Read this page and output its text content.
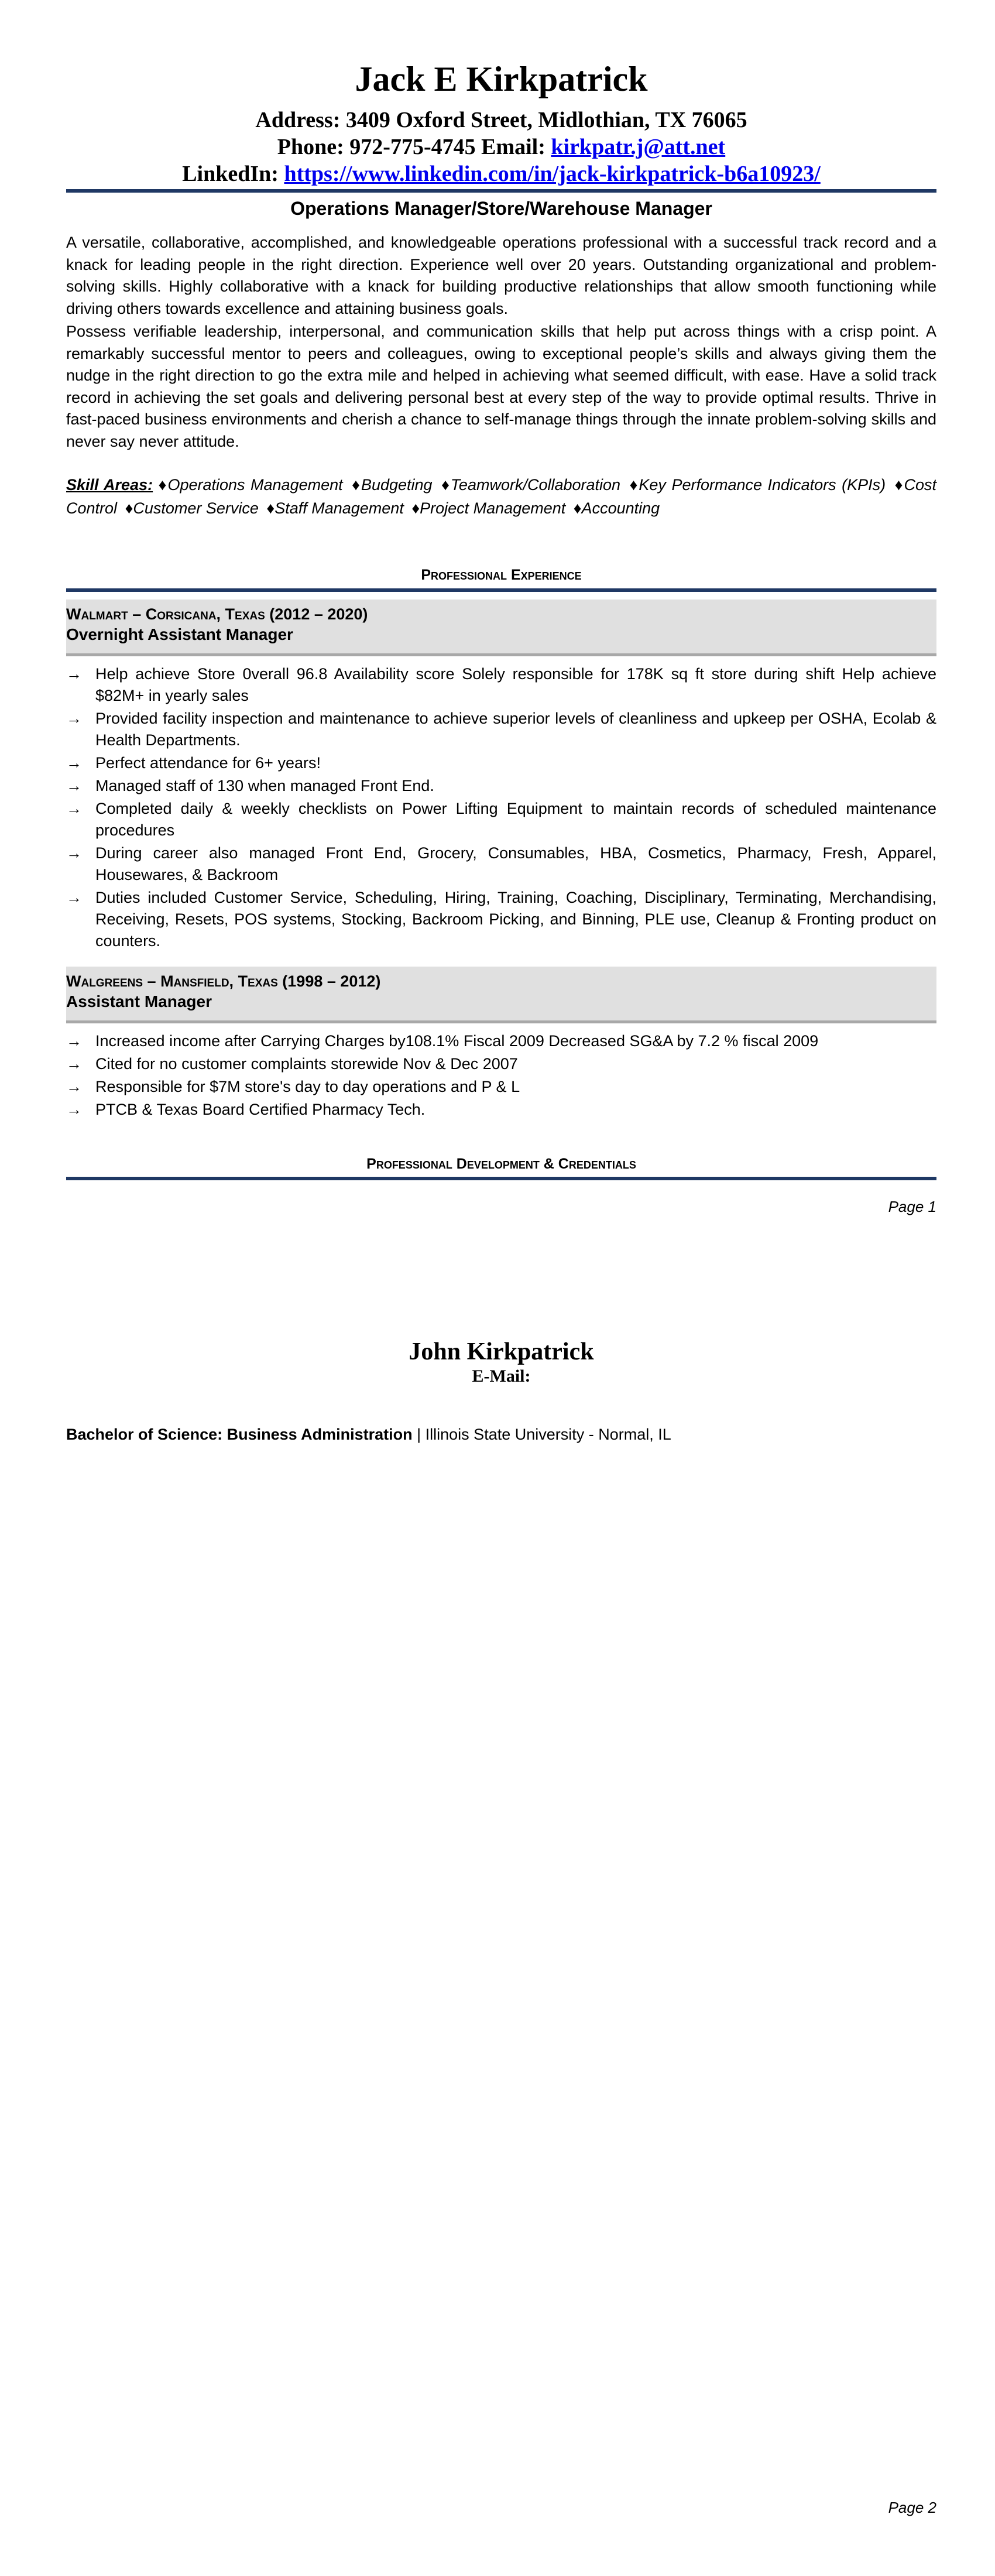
Jack E Kirkpatrick
Address: 3409 Oxford Street, Midlothian, TX 76065
Phone: 972-775-4745 Email: kirkpatr.j@att.net
LinkedIn: https://www.linkedin.com/in/jack-kirkpatrick-b6a10923/
Operations Manager/Store/Warehouse Manager
A versatile, collaborative, accomplished, and knowledgeable operations professional with a successful track record and a knack for leading people in the right direction. Experience well over 20 years. Outstanding organizational and problem-solving skills. Highly collaborative with a knack for building productive relationships that allow smooth functioning while driving others towards excellence and attaining business goals.
Possess verifiable leadership, interpersonal, and communication skills that help put across things with a crisp point. A remarkably successful mentor to peers and colleagues, owing to exceptional people’s skills and always giving them the nudge in the right direction to go the extra mile and helped in achieving what seemed difficult, with ease. Have a solid track record in achieving the set goals and delivering personal best at every step of the way to provide optimal results. Thrive in fast-paced business environments and cherish a chance to self-manage things through the innate problem-solving skills and never say never attitude.
Skill Areas: ♦Operations Management ♦Budgeting ♦Teamwork/Collaboration ♦Key Performance Indicators (KPIs) ♦Cost Control ♦Customer Service ♦Staff Management ♦Project Management ♦Accounting
Professional Experience
Walmart – Corsicana, Texas (2012 – 2020)
Overnight Assistant Manager
→ Help achieve Store 0verall 96.8 Availability score Solely responsible for 178K sq ft store during shift Help achieve $82M+ in yearly sales
→ Provided facility inspection and maintenance to achieve superior levels of cleanliness and upkeep per OSHA, Ecolab & Health Departments.
→ Perfect attendance for 6+ years!
→ Managed staff of 130 when managed Front End.
→ Completed daily & weekly checklists on Power Lifting Equipment to maintain records of scheduled maintenance procedures
→ During career also managed Front End, Grocery, Consumables, HBA, Cosmetics, Pharmacy, Fresh, Apparel, Housewares, & Backroom
→ Duties included Customer Service, Scheduling, Hiring, Training, Coaching, Disciplinary, Terminating, Merchandising, Receiving, Resets, POS systems, Stocking, Backroom Picking, and Binning, PLE use, Cleanup & Fronting product on counters.
Walgreens – Mansfield, Texas (1998 – 2012)
Assistant Manager
→ Increased income after Carrying Charges by108.1% Fiscal 2009 Decreased SG&A by 7.2 % fiscal 2009
→ Cited for no customer complaints storewide Nov & Dec 2007
→ Responsible for $7M store's day to day operations and P & L
→ PTCB & Texas Board Certified Pharmacy Tech.
Professional Development & Credentials
Page 1
John Kirkpatrick
E-Mail:
Bachelor of Science: Business Administration | Illinois State University - Normal, IL
Page 2
